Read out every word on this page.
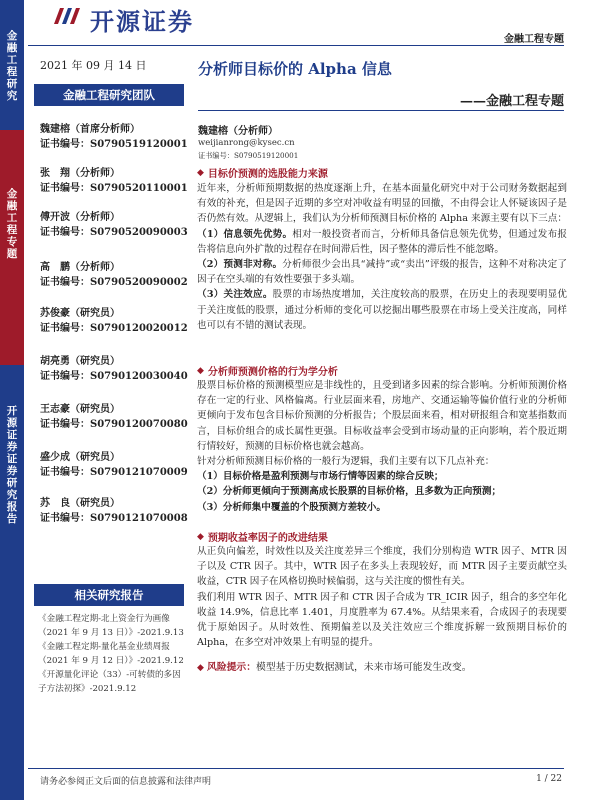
开源证券
金融工程专题
金融工程研究
金融工程专题
开源证券 证券研究报告
2021 年 09 月 14 日
金融工程研究团队
魏建榕（首席分析师）
证书编号：S0790519120001
张　翔（分析师）
证书编号：S0790520110001
傅开波（分析师）
证书编号：S0790520090003
高　鹏（分析师）
证书编号：S0790520090002
苏俊豪（研究员）
证书编号：S0790120020012
胡亮勇（研究员）
证书编号：S0790120030040
王志豪（研究员）
证书编号：S0790120070080
盛少成（研究员）
证书编号：S0790121070009
苏　良（研究员）
证书编号：S0790121070008
相关研究报告
《金融工程定期-北上资金行为画像（2021 年 9 月 13 日）》-2021.9.13
《金融工程定期-量化基金业绩周报（2021 年 9 月 12 日）》-2021.9.12
《开源量化评论（33）-可转债的多因子方法初探》-2021.9.12
分析师目标价的 Alpha 信息
——金融工程专题
魏建榕（分析师）
weijianrong@kysec.cn
证书编号：S0790519120001
◆ 目标价预测的选股能力来源
近年来，分析师预期数据的热度逐渐上升，在基本面量化研究中对于公司财务数据起到有效的补充，但是因子近期的多空对冲收益有明显的回撤，不由得会让人怀疑该因子是否仍然有效。从逻辑上，我们认为分析师预测目标价格的 Alpha 来源主要有以下三点：
（1）信息领先优势。相对一般投资者而言，分析师具备信息领先优势，但通过发布报告将信息向外扩散的过程存在时间滞后性，因子整体的滞后性不能忽略。
（2）预测非对称。分析师很少会出具“减持”或“卖出”评级的报告，这种不对称决定了因子在空头端的有效性要强于多头端。
（3）关注效应。股票的市场热度增加，关注度较高的股票，在历史上的表现要明显优于关注度低的股票，通过分析师的变化可以挖掘出哪些股票在市场上受关注度高，同样也可以有不错的测试表现。
◆ 分析师预测价格的行为学分析
股票目标价格的预测模型应是非线性的，且受到诸多因素的综合影响。分析师预测价格存在一定的行业、风格偏离。行业层面来看，房地产、交通运输等偏价值行业的分析师更倾向于发布包含目标价预测的分析报告；个股层面来看，相对研报组合和宽基指数而言，目标价组合的成长属性更强。目标收益率会受到市场动量的正向影响，若个股近期行情较好，预测的目标价格也就会越高。
针对分析师预测目标价格的一般行为逻辑，我们主要有以下几点补充：
（1）目标价格是盈利预测与市场行情等因素的综合反映；
（2）分析师更倾向于预测高成长股票的目标价格，且多数为正向预测；
（3）分析师集中覆盖的个股预测方差较小。
◆ 预期收益率因子的改进结果
从正负向偏差，时效性以及关注度差异三个维度，我们分别构造 WTR 因子、MTR 因子以及 CTR 因子。其中，WTR 因子在多头上表现较好，而 MTR 因子主要贡献空头收益，CTR 因子在风格切换时候偏弱，这与关注度的惯性有关。
我们利用 WTR 因子、MTR 因子和 CTR 因子合成为 TR_ICIR 因子，组合的多空年化收益 14.9%，信息比率 1.401，月度胜率为 67.4%。从结果来看，合成因子的表现要优于原始因子。从时效性、预期偏差以及关注效应三个维度拆解一致预期目标价的 Alpha，在多空对冲效果上有明显的提升。
◆ 风险提示：模型基于历史数据测试，未来市场可能发生改变。
请务必参阅正文后面的信息披露和法律声明	1 / 22
